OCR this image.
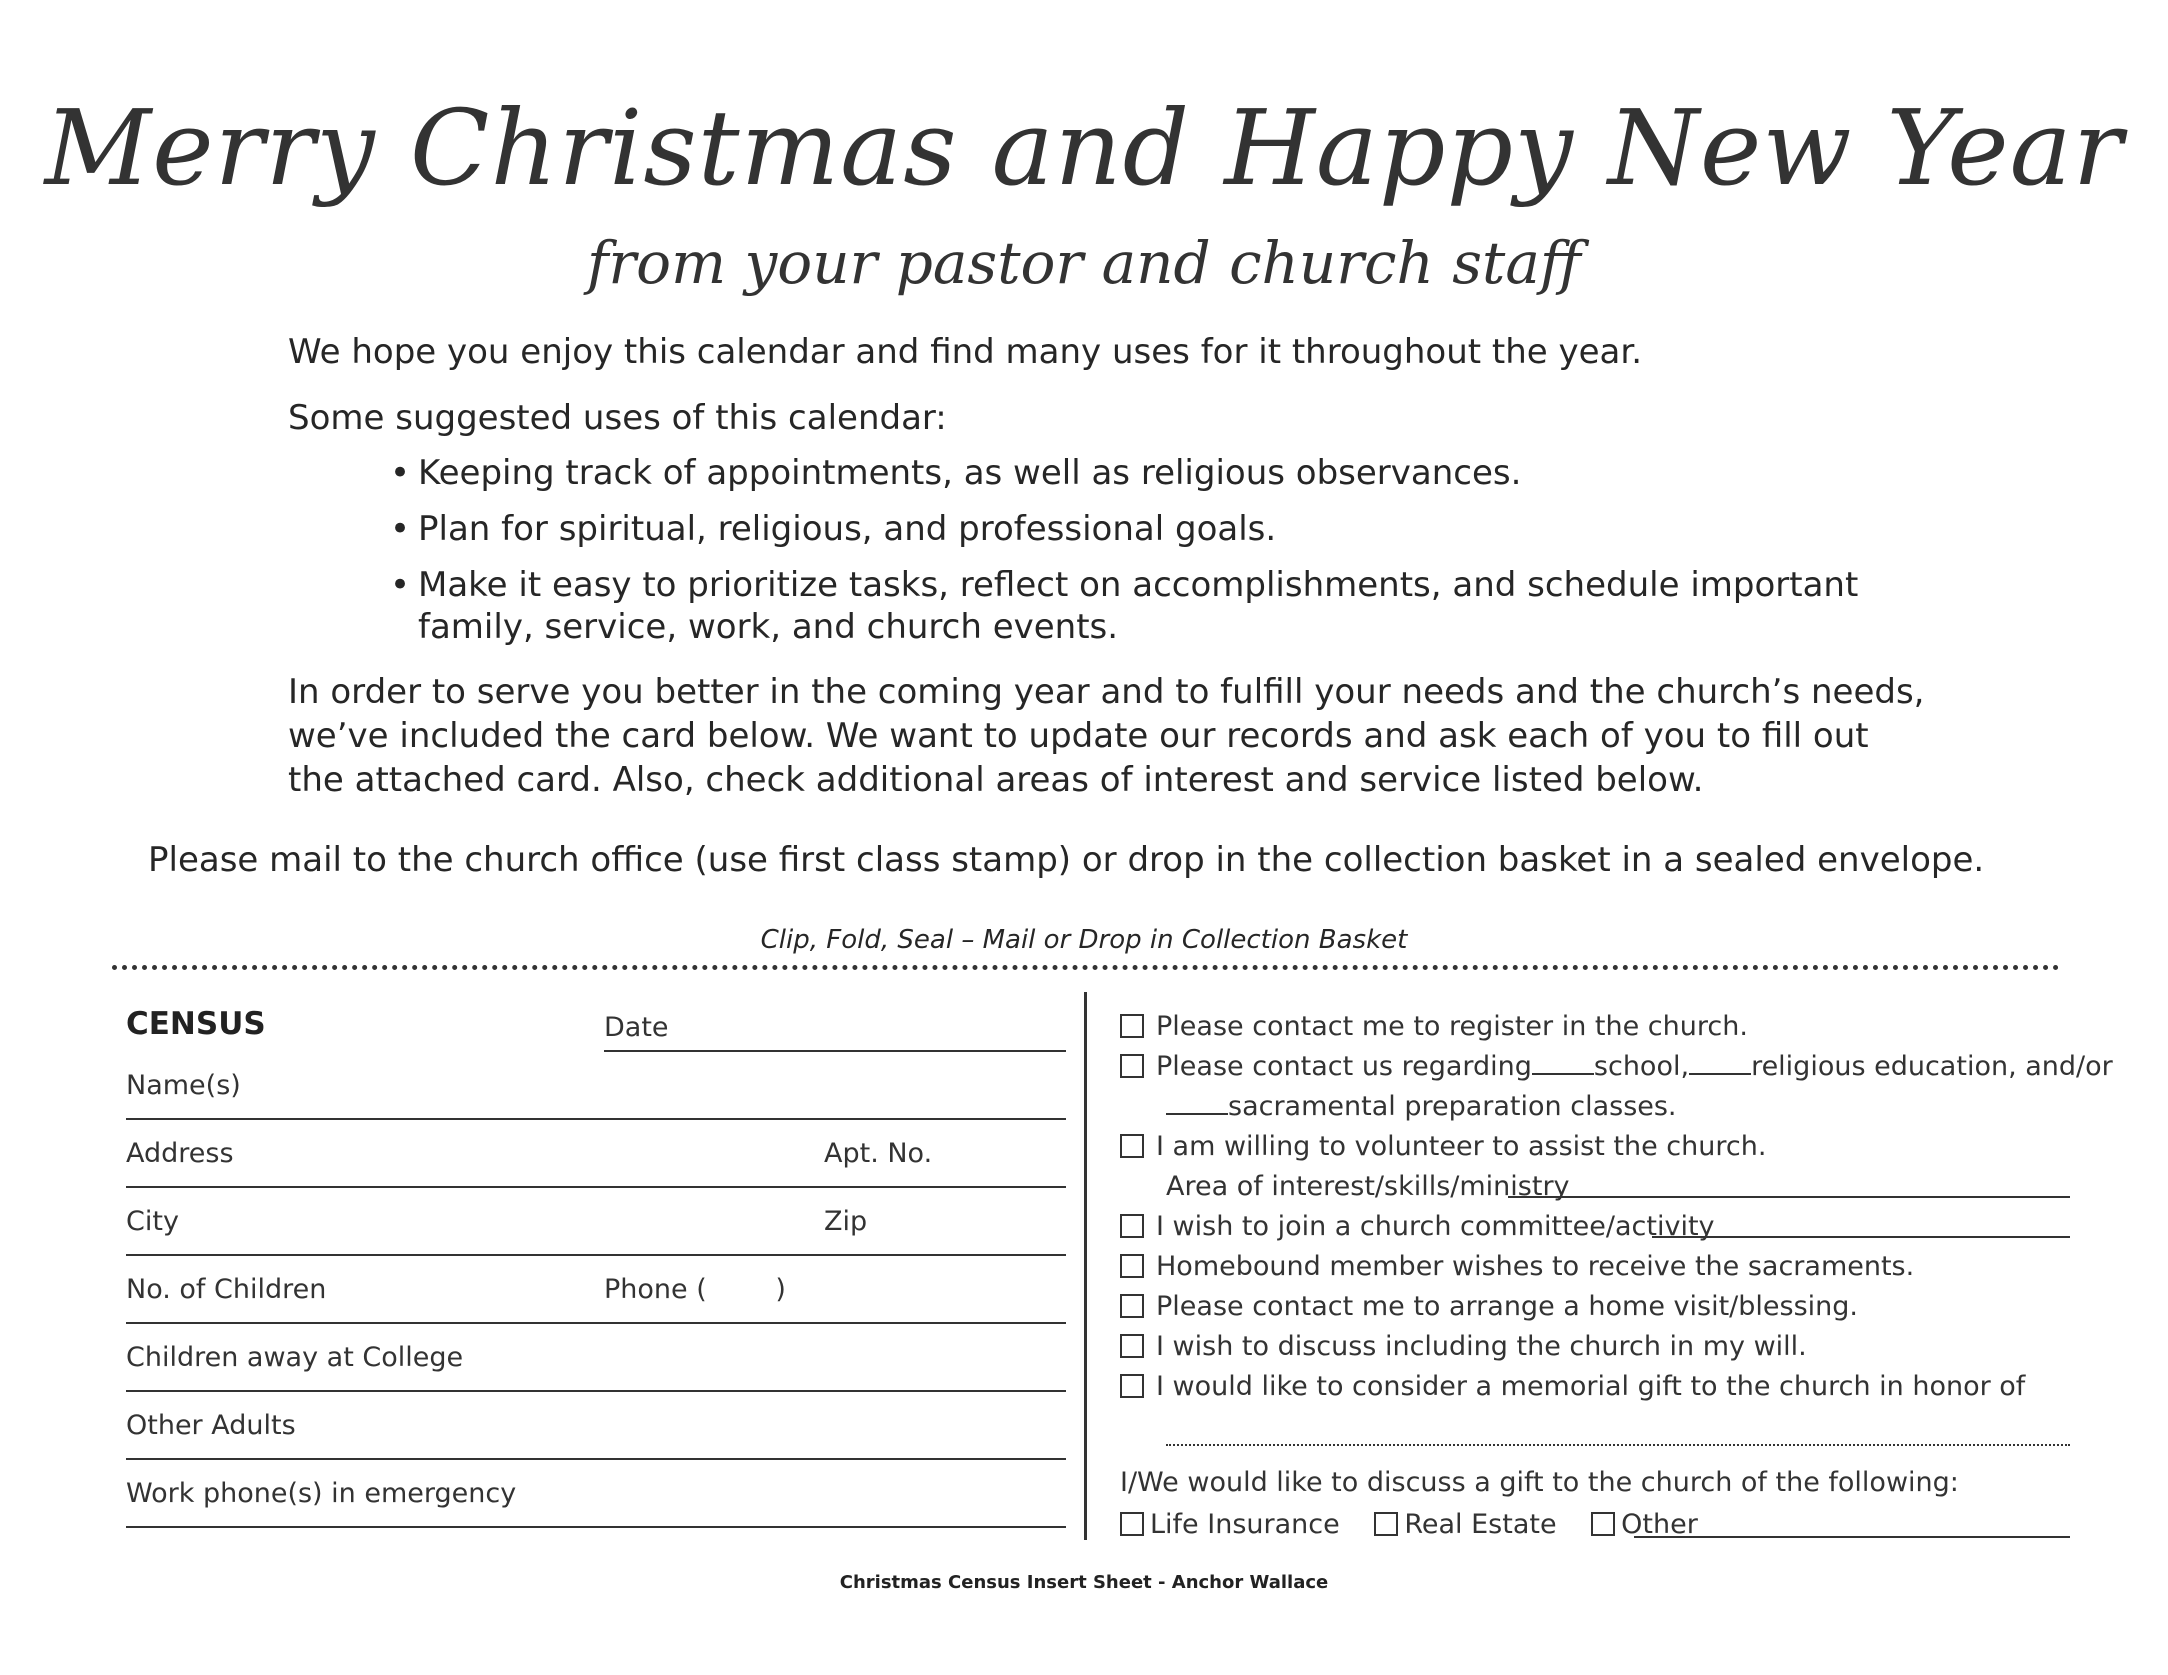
Merry Christmas and Happy New Year
from your pastor and church staff

We hope you enjoy this calendar and find many uses for it throughout the year.

Some suggested uses of this calendar:

• Keeping track of appointments, as well as religious observances.
• Plan for spiritual, religious, and professional goals.
• Make it easy to prioritize tasks, reflect on accomplishments, and schedule important family, service, work, and church events.

In order to serve you better in the coming year and to fulfill your needs and the church’s needs, we’ve included the card below. We want to update our records and ask each of you to fill out the attached card. Also, check additional areas of interest and service listed below.

Please mail to the church office (use first class stamp) or drop in the collection basket in a sealed envelope.
Clip, Fold, Seal – Mail or Drop in Collection Basket
CENSUS	Date
Name(s)
Address	Apt. No.
City	Zip
No. of Children	Phone (        )
Children away at College
Other Adults
Work phone(s) in emergency
Please contact me to register in the church.
Please contact us regarding school, religious education, and/or
sacramental preparation classes.
I am willing to volunteer to assist the church.
Area of interest/skills/ministry
I wish to join a church committee/activity
Homebound member wishes to receive the sacraments.
Please contact me to arrange a home visit/blessing.
I wish to discuss including the church in my will.
I would like to consider a memorial gift to the church in honor of
I/We would like to discuss a gift to the church of the following:
Life Insurance Real Estate Other
Christmas Census Insert Sheet - Anchor Wallace
